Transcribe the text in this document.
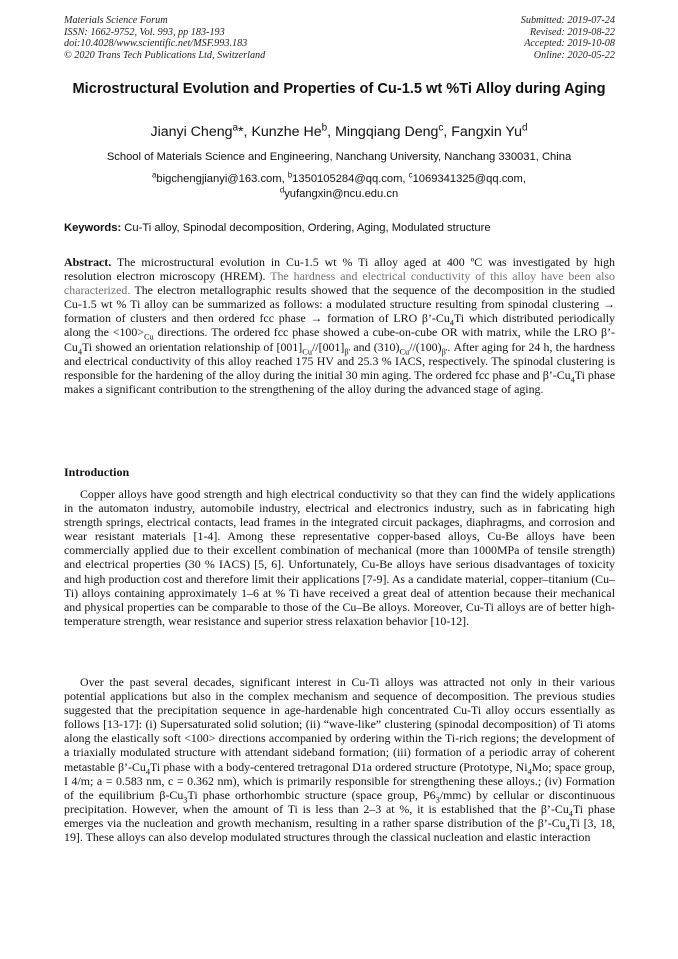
Materials Science Forum
ISSN: 1662-9752, Vol. 993, pp 183-193
doi:10.4028/www.scientific.net/MSF.993.183
© 2020 Trans Tech Publications Ltd, Switzerland
Submitted: 2019-07-24
Revised: 2019-08-22
Accepted: 2019-10-08
Online: 2020-05-22
Microstructural Evolution and Properties of Cu-1.5 wt %Ti Alloy during Aging
Jianyi Cheng$^a$*, Kunzhe He$^b$, Mingqiang Deng$^c$, Fangxin Yu$^d$
School of Materials Science and Engineering, Nanchang University, Nanchang 330031, China
$^a$bigchengjianyi@163.com, $^b$1350105284@qq.com, $^c$1069341325@qq.com,
$^d$yufangxin@ncu.edu.cn
Keywords: Cu-Ti alloy, Spinodal decomposition, Ordering, Aging, Modulated structure
Abstract. The microstructural evolution in Cu-1.5 wt % Ti alloy aged at 400 ºC was investigated by high resolution electron microscopy (HREM). The hardness and electrical conductivity of this alloy have been also characterized. The electron metallographic results showed that the sequence of the decomposition in the studied Cu-1.5 wt % Ti alloy can be summarized as follows: a modulated structure resulting from spinodal clustering → formation of clusters and then ordered fcc phase → formation of LRO $\beta’-Cu_4Ti$ which distributed periodically along the $<100>_{Cu}$ directions. The ordered fcc phase showed a cube-on-cube OR with matrix, while the LRO $\beta’-Cu_4Ti$ showed an orientation relationship of $[001]_{Cu}//[001]_{\beta'}$ and $(310)_{Cu}//(100)_{\beta'}$. After aging for 24 h, the hardness and electrical conductivity of this alloy reached 175 HV and 25.3 % IACS, respectively. The spinodal clustering is responsible for the hardening of the alloy during the initial 30 min aging. The ordered fcc phase and $\beta’-Cu_4Ti$ phase makes a significant contribution to the strengthening of the alloy during the advanced stage of aging.
Introduction
Copper alloys have good strength and high electrical conductivity so that they can find the widely applications in the automaton industry, automobile industry, electrical and electronics industry, such as in fabricating high strength springs, electrical contacts, lead frames in the integrated circuit packages, diaphragms, and corrosion and wear resistant materials [1-4]. Among these representative copper-based alloys, Cu-Be alloys have been commercially applied due to their excellent combination of mechanical (more than 1000MPa of tensile strength) and electrical properties (30 % IACS) [5, 6]. Unfortunately, Cu-Be alloys have serious disadvantages of toxicity and high production cost and therefore limit their applications [7-9]. As a candidate material, copper–titanium (Cu–Ti) alloys containing approximately 1–6 at % Ti have received a great deal of attention because their mechanical and physical properties can be comparable to those of the Cu–Be alloys. Moreover, Cu-Ti alloys are of better high-temperature strength, wear resistance and superior stress relaxation behavior [10-12].
Over the past several decades, significant interest in Cu-Ti alloys was attracted not only in their various potential applications but also in the complex mechanism and sequence of decomposition. The previous studies suggested that the precipitation sequence in age-hardenable high concentrated Cu-Ti alloy occurs essentially as follows [13-17]: (i) Supersaturated solid solution; (ii) “wave-like” clustering (spinodal decomposition) of Ti atoms along the elastically soft <100> directions accompanied by ordering within the Ti-rich regions; the development of a triaxially modulated structure with attendant sideband formation; (iii) formation of a periodic array of coherent metastable $\beta’-Cu_4Ti$ phase with a body-centered tretragonal D1a ordered structure (Prototype, $Ni_4Mo$; space group, I 4/m; a = 0.583 nm, c = 0.362 nm), which is primarily responsible for strengthening these alloys.; (iv) Formation of the equilibrium $\beta-Cu_3Ti$ phase orthorhombic structure (space group, $P6_3/mmc$) by cellular or discontinuous precipitation. However, when the amount of Ti is less than 2–3 at %, it is established that the $\beta’-Cu_4Ti$ phase emerges via the nucleation and growth mechanism, resulting in a rather sparse distribution of the $\beta’-Cu_4Ti$ [3, 18, 19]. These alloys can also develop modulated structures through the classical nucleation and elastic interaction
